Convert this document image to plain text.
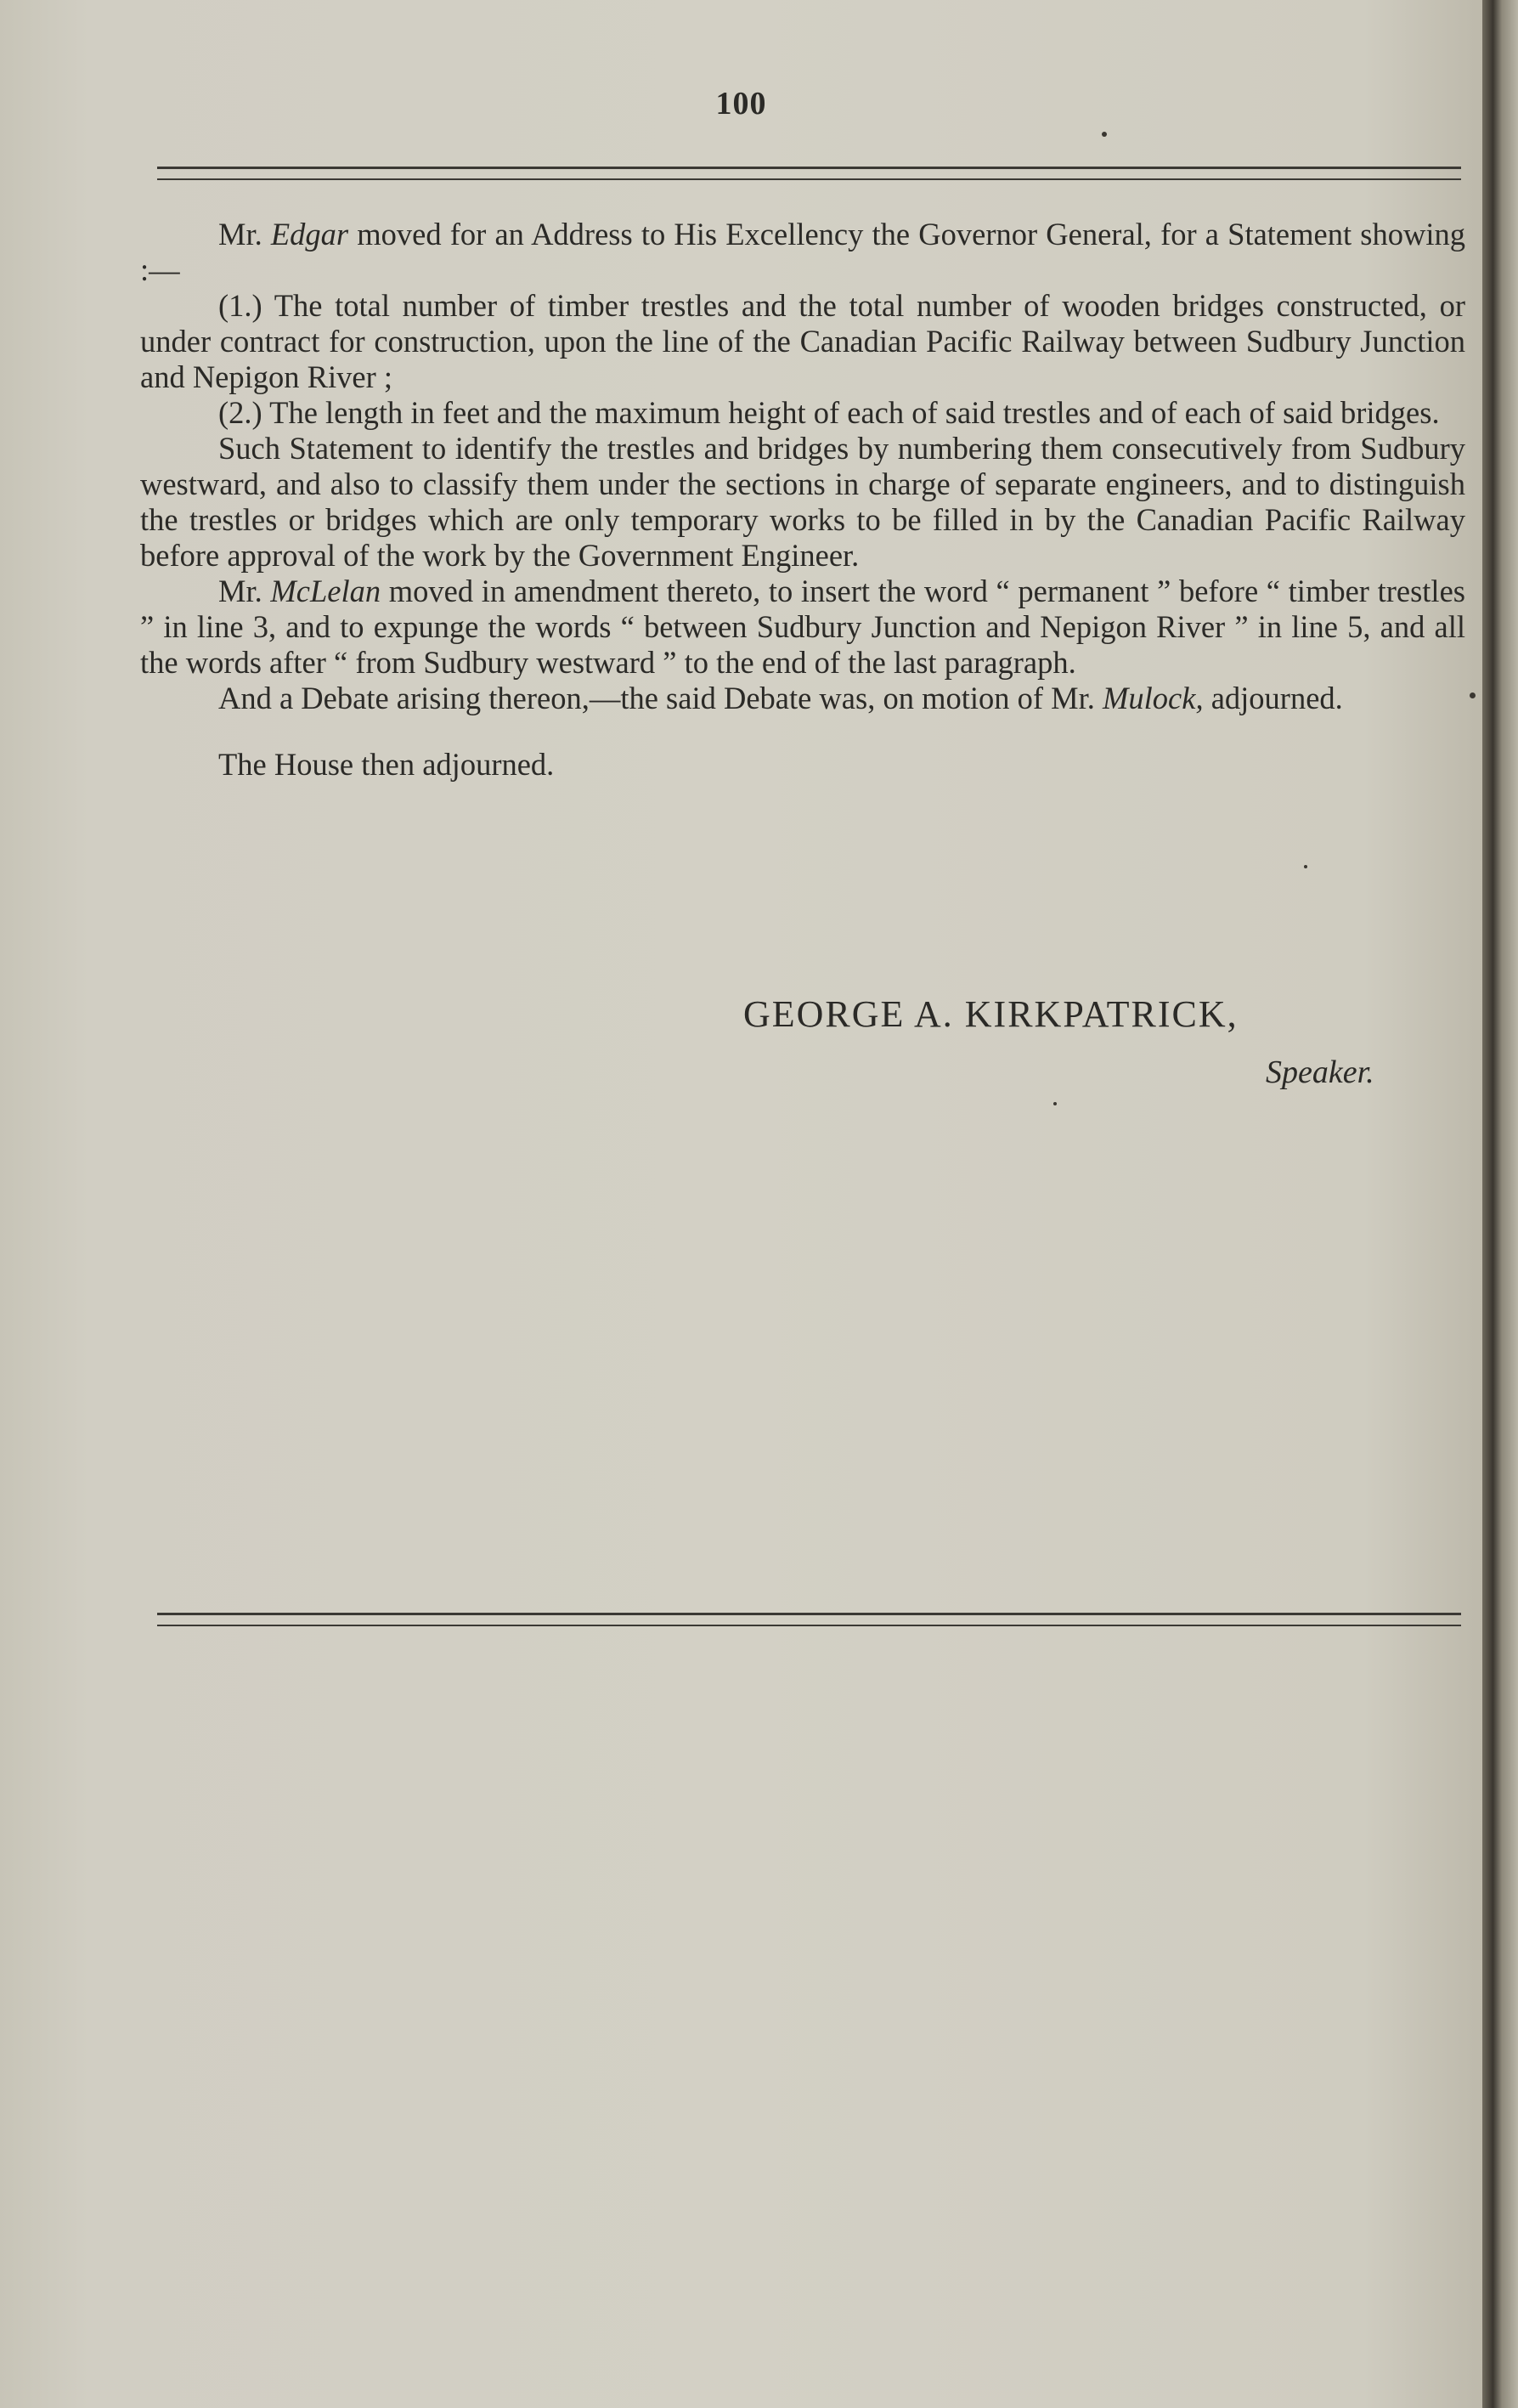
100

Mr. Edgar moved for an Address to His Excellency the Governor General, for a Statement showing :—

(1.) The total number of timber trestles and the total number of wooden bridges constructed, or under contract for construction, upon the line of the Canadian Pacific Railway between Sudbury Junction and Nepigon River ;

(2.) The length in feet and the maximum height of each of said trestles and of each of said bridges.

Such Statement to identify the trestles and bridges by numbering them consecutively from Sudbury westward, and also to classify them under the sections in charge of separate engineers, and to distinguish the trestles or bridges which are only temporary works to be filled in by the Canadian Pacific Railway before approval of the work by the Government Engineer.

Mr. McLelan moved in amendment thereto, to insert the word “ permanent ” before “ timber trestles ” in line 3, and to expunge the words “ between Sudbury Junction and Nepigon River ” in line 5, and all the words after “ from Sudbury westward ” to the end of the last paragraph.

And a Debate arising thereon,—the said Debate was, on motion of Mr. Mulock, adjourned.

The House then adjourned.

GEORGE A. KIRKPATRICK,
Speaker.
